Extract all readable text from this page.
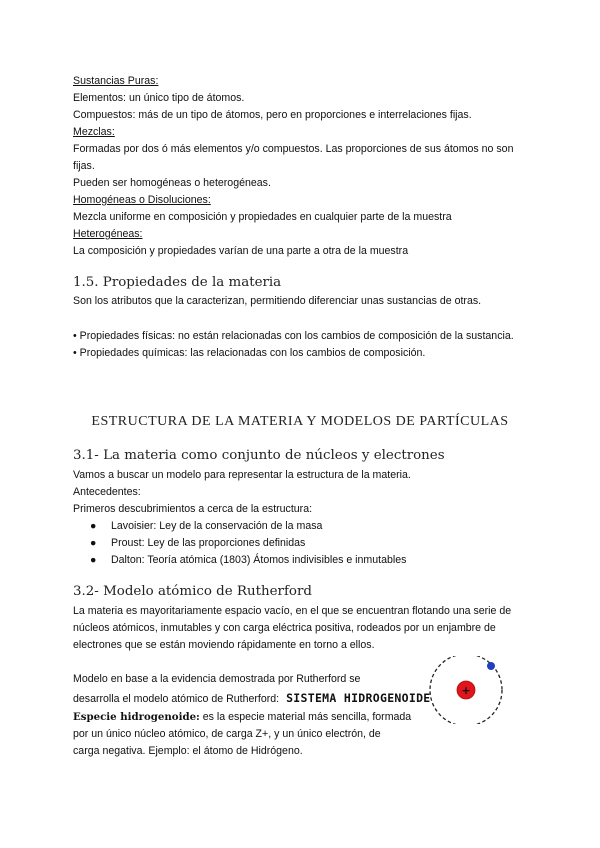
Sustancias Puras:
Elementos: un único tipo de átomos.
Compuestos: más de un tipo de átomos, pero en proporciones e interrelaciones fijas.
Mezclas:
Formadas por dos ó más elementos y/o compuestos. Las proporciones de sus átomos no son
fijas.
Pueden ser homogéneas o heterogéneas.
Homogéneas o Disoluciones:
Mezcla uniforme en composición y propiedades en cualquier parte de la muestra
Heterogéneas:
La composición y propiedades varían de una parte a otra de la muestra
1.5. Propiedades de la materia
Son los atributos que la caracterizan, permitiendo diferenciar unas sustancias de otras.
• Propiedades físicas: no están relacionadas con los cambios de composición de la sustancia.
• Propiedades químicas: las relacionadas con los cambios de composición.
ESTRUCTURA DE LA MATERIA Y MODELOS DE PARTÍCULAS
3.1- La materia como conjunto de núcleos y electrones
Vamos a buscar un modelo para representar la estructura de la materia.
Antecedentes:
Primeros descubrimientos a cerca de la estructura:
● Lavoisier: Ley de la conservación de la masa
● Proust: Ley de las proporciones definidas
● Dalton: Teoría atómica (1803) Átomos indivisibles e inmutables
3.2- Modelo atómico de Rutherford
La materia es mayoritariamente espacio vacío, en el que se encuentran flotando una serie de
núcleos atómicos, inmutables y con carga eléctrica positiva, rodeados por un enjambre de
electrones que se están moviendo rápidamente en torno a ellos.
Modelo en base a la evidencia demostrada por Rutherford se
desarrolla el modelo atómico de Rutherford: SISTEMA HIDROGENOIDE
Especie hidrogenoide: es la especie material más sencilla, formada
por un único núcleo atómico, de carga Z+, y un único electrón, de
carga negativa. Ejemplo: el átomo de Hidrógeno.
+
